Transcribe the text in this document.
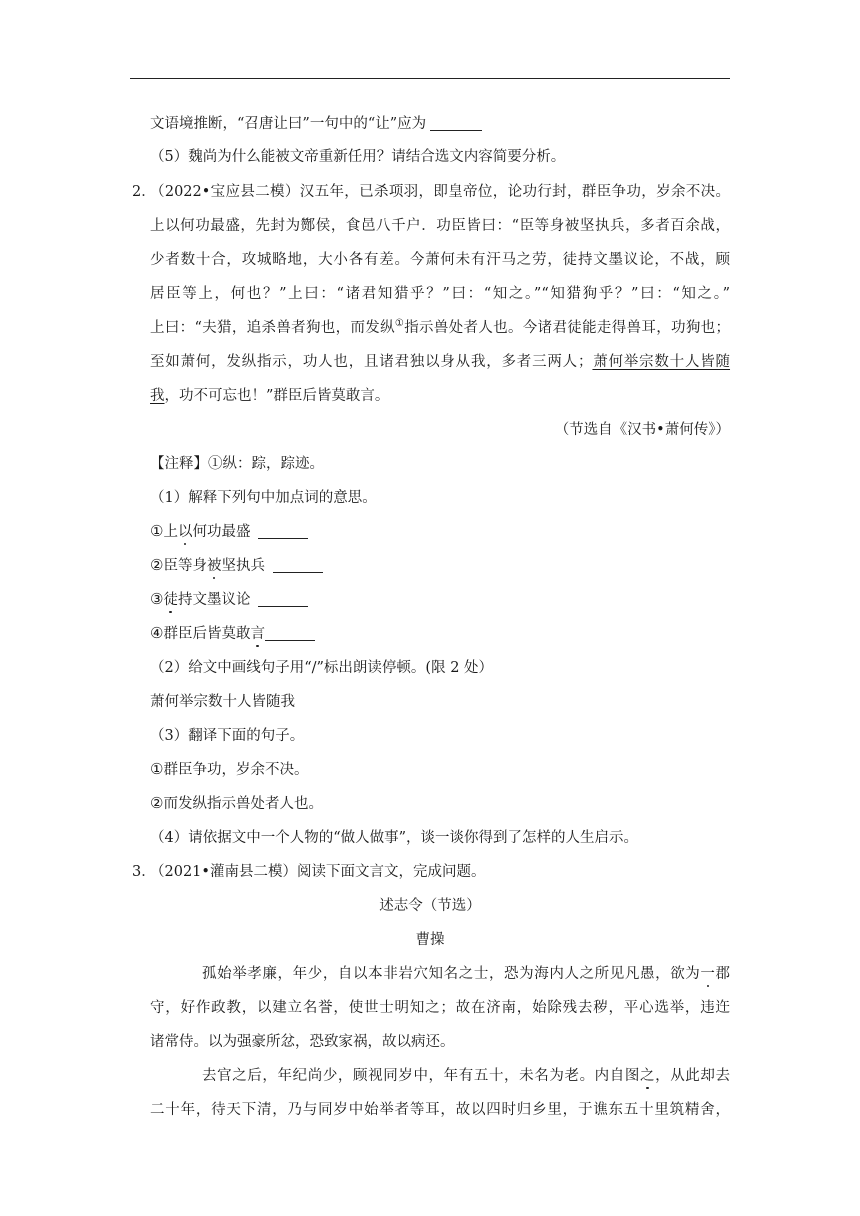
文语境推断，“召唐让曰”一句中的“让”应为
（5）魏尚为什么能被文帝重新任用？请结合选文内容简要分析。
2．
（2022•宝应县二模）汉五年，已杀项羽，即皇帝位，论功行封，群臣争功，岁余不决。
上以何功最盛，先封为酂侯，食邑八千户．功臣皆曰：“臣等身被坚执兵，多者百余战，
少者数十合，攻城略地，大小各有差。今萧何未有汗马之劳，徒持文墨议论，不战，顾
居臣等上，何也？”上曰：“诸君知猎乎？”曰：“知之。”“知猎狗乎？”曰：“知之。”
上曰：“夫猎，追杀兽者狗也，而发纵①指示兽处者人也。今诸君徒能走得兽耳，功狗也；
至如萧何，发纵指示，功人也，且诸君独以身从我，多者三两人；萧何举宗数十人皆随
我，功不可忘也！”群臣后皆莫敢言。
（节选自《汉书•萧何传》）
【注释】①纵：踪，踪迹。
（1）解释下列句中加点词的意思。
①上以何功最盛
②臣等身被坚执兵
③徒持文墨议论
④群臣后皆莫敢言
（2）给文中画线句子用“/”标出朗读停顿。(限 2 处）
萧何举宗数十人皆随我
（3）翻译下面的句子。
①群臣争功，岁余不决。
②而发纵指示兽处者人也。
（4）请依据文中一个人物的“做人做事”，谈一谈你得到了怎样的人生启示。
3．
（2021•灌南县二模）阅读下面文言文，完成问题。
述志令（节选）
曹操
孤始举孝廉，年少，自以本非岩穴知名之士，恐为海内人之所见凡愚，欲为一郡
守，好作政教，以建立名誉，使世士明知之；故在济南，始除残去秽，平心选举，违迕
诸常侍。以为强豪所忿，恐致家祸，故以病还。
去官之后，年纪尚少，顾视同岁中，年有五十，未名为老。内自图之，从此却去
二十年，待天下清，乃与同岁中始举者等耳，故以四时归乡里，于谯东五十里筑精舍，
